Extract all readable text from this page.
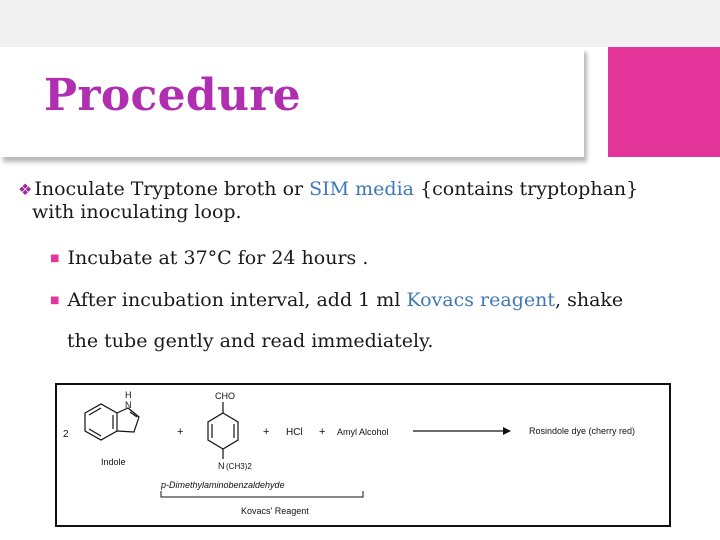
Procedure
❖ Inoculate Tryptone broth or SIM media {contains tryptophan}
with inoculating loop.
■ Incubate at 37°C for 24 hours .
■ After incubation interval, add 1 ml Kovacs reagent, shake
the tube gently and read immediately.
2
N
H
Indole
+
CHO
N (CH3)2
p-Dimethylaminobenzaldehyde
+ HCl + Amyl Alcohol	Rosindole dye (cherry red)
Kovacs' Reagent
